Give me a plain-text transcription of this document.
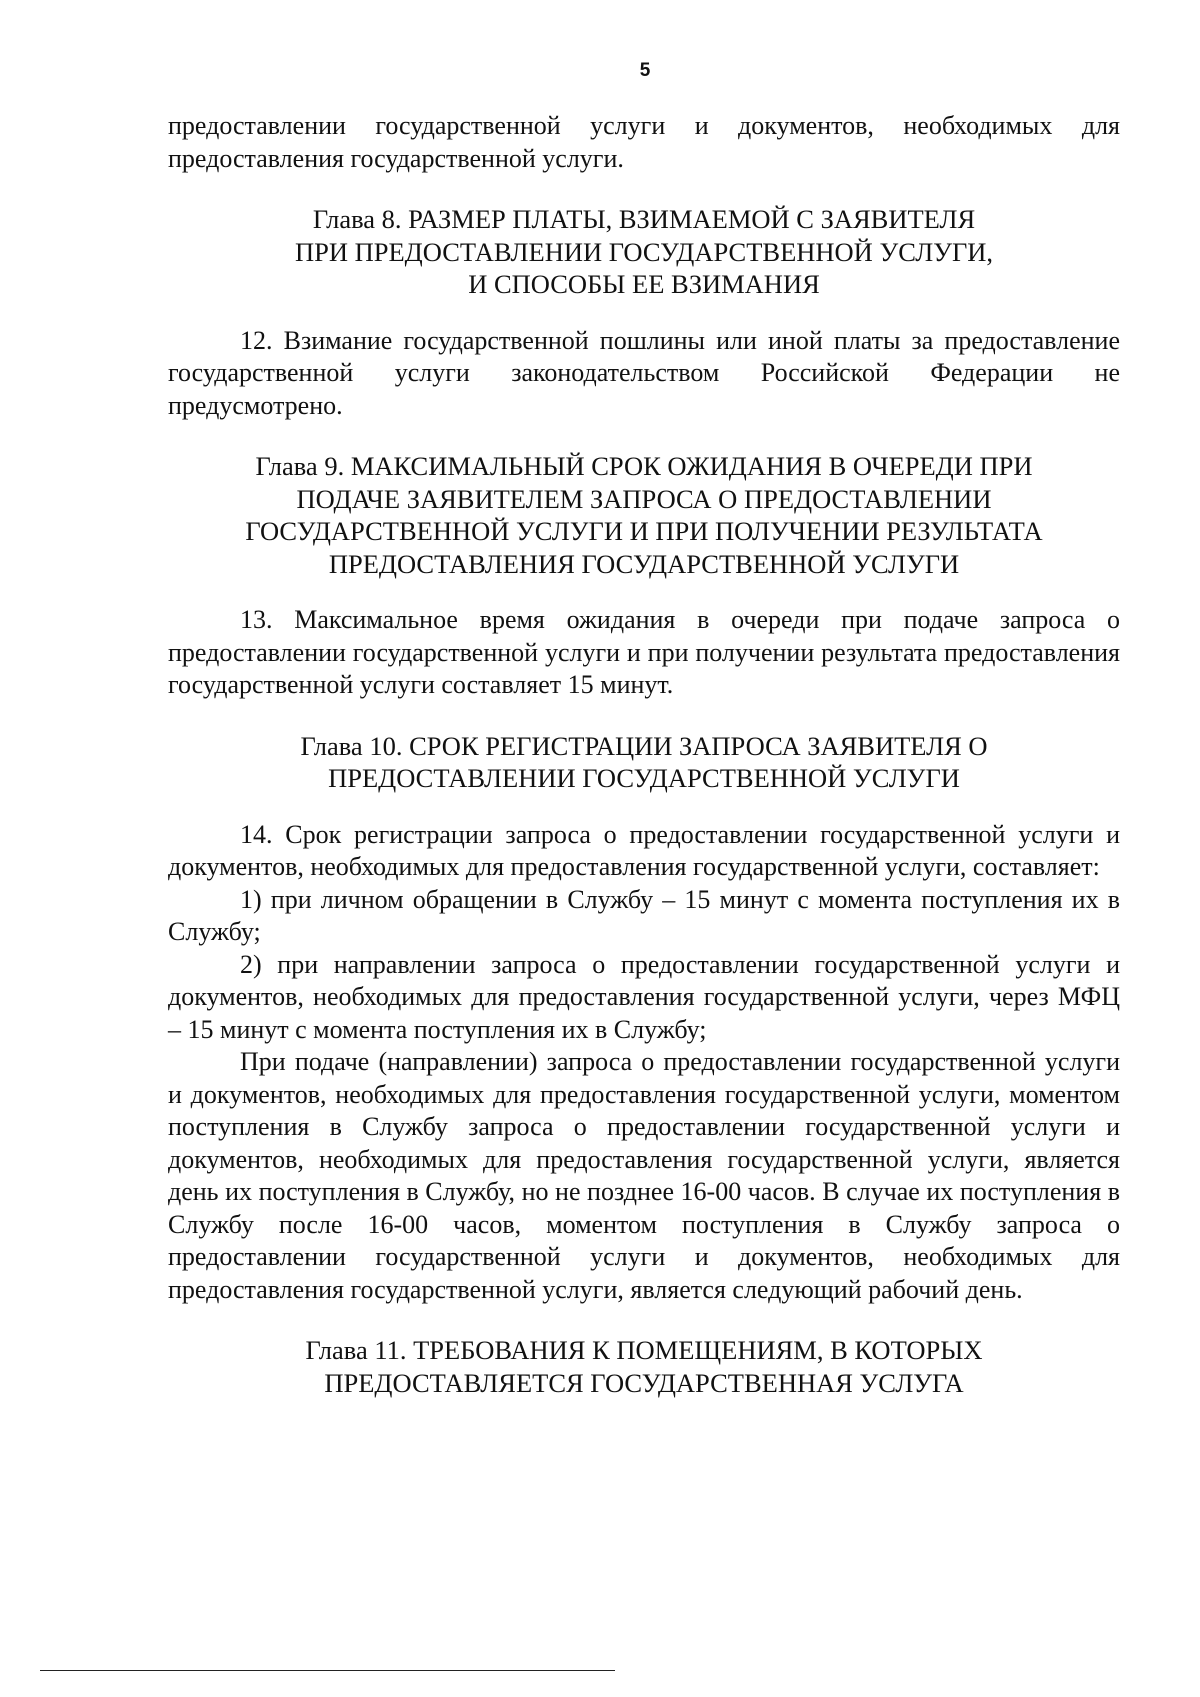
5

предоставлении государственной услуги и документов, необходимых для предоставления государственной услуги.

Глава 8. РАЗМЕР ПЛАТЫ, ВЗИМАЕМОЙ С ЗАЯВИТЕЛЯ
ПРИ ПРЕДОСТАВЛЕНИИ ГОСУДАРСТВЕННОЙ УСЛУГИ,
И СПОСОБЫ ЕЕ ВЗИМАНИЯ

12. Взимание государственной пошлины или иной платы за предоставление государственной услуги законодательством Российской Федерации не предусмотрено.

Глава 9. МАКСИМАЛЬНЫЙ СРОК ОЖИДАНИЯ В ОЧЕРЕДИ ПРИ
ПОДАЧЕ ЗАЯВИТЕЛЕМ ЗАПРОСА О ПРЕДОСТАВЛЕНИИ
ГОСУДАРСТВЕННОЙ УСЛУГИ И ПРИ ПОЛУЧЕНИИ РЕЗУЛЬТАТА
ПРЕДОСТАВЛЕНИЯ ГОСУДАРСТВЕННОЙ УСЛУГИ

13. Максимальное время ожидания в очереди при подаче запроса о предоставлении государственной услуги и при получении результата предоставления государственной услуги составляет 15 минут.

Глава 10. СРОК РЕГИСТРАЦИИ ЗАПРОСА ЗАЯВИТЕЛЯ О
ПРЕДОСТАВЛЕНИИ ГОСУДАРСТВЕННОЙ УСЛУГИ

14. Срок регистрации запроса о предоставлении государственной услуги и документов, необходимых для предоставления государственной услуги, составляет:

1) при личном обращении в Службу – 15 минут с момента поступления их в Службу;

2) при направлении запроса о предоставлении государственной услуги и документов, необходимых для предоставления государственной услуги, через МФЦ – 15 минут с момента поступления их в Службу;

При подаче (направлении) запроса о предоставлении государственной услуги и документов, необходимых для предоставления государственной услуги, моментом поступления в Службу запроса о предоставлении государственной услуги и документов, необходимых для предоставления государственной услуги, является день их поступления в Службу, но не позднее 16-00 часов. В случае их поступления в Службу после 16-00 часов, моментом поступления в Службу запроса о предоставлении государственной услуги и документов, необходимых для предоставления государственной услуги, является следующий рабочий день.

Глава 11. ТРЕБОВАНИЯ К ПОМЕЩЕНИЯМ, В КОТОРЫХ
ПРЕДОСТАВЛЯЕТСЯ ГОСУДАРСТВЕННАЯ УСЛУГА
